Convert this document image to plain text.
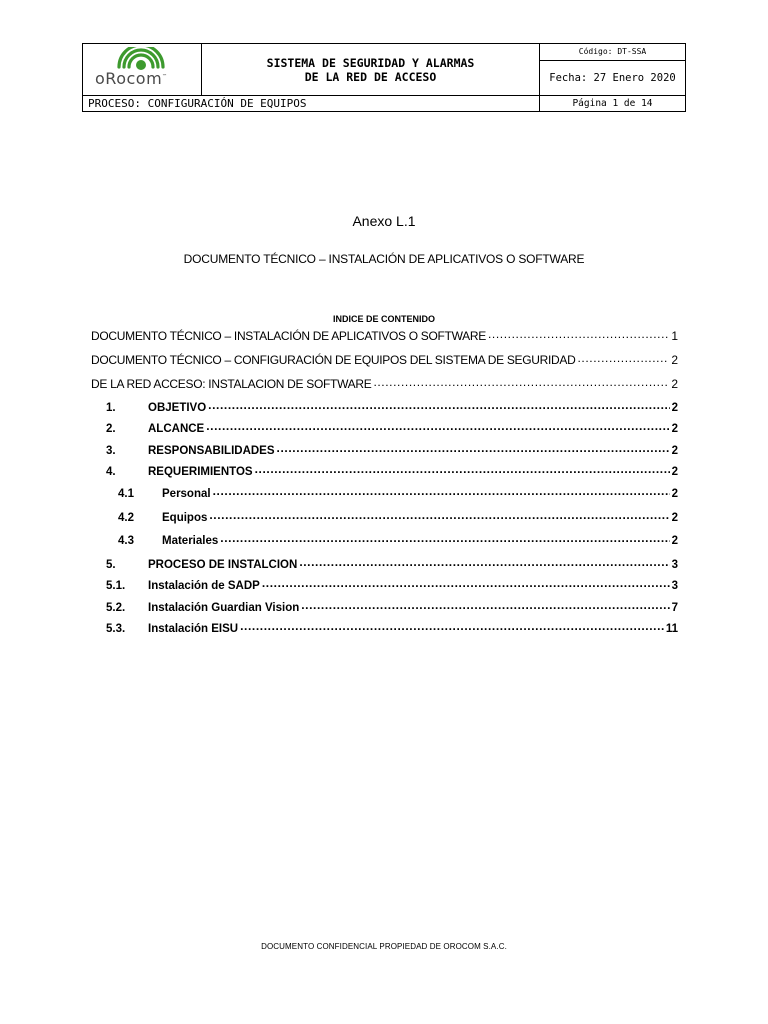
oRocom™
SISTEMA DE SEGURIDAD Y ALARMAS
DE LA RED DE ACCESO
Código: DT-SSA
Fecha: 27 Enero 2020
PROCESO: CONFIGURACIÓN DE EQUIPOS	Página 1 de 14
Anexo L.1
DOCUMENTO TÉCNICO – INSTALACIÓN DE APLICATIVOS O SOFTWARE
INDICE DE CONTENIDO
DOCUMENTO TÉCNICO – INSTALACIÓN DE APLICATIVOS O SOFTWARE .....	1
DOCUMENTO TÉCNICO – CONFIGURACIÓN DE EQUIPOS DEL SISTEMA DE SEGURIDAD .....	2
DE LA RED ACCESO: INSTALACION DE SOFTWARE .....	2
1.	OBJETIVO .....	2
2.	ALCANCE .....	2
3.	RESPONSABILIDADES .....	2
4.	REQUERIMIENTOS .....	2
4.1	Personal .....	2
4.2	Equipos .....	2
4.3	Materiales .....	2
5.	PROCESO DE INSTALCION .....	3
5.1.	Instalación de SADP .....	3
5.2.	Instalación Guardian Vision .....	7
5.3.	Instalación EISU .....	11
DOCUMENTO CONFIDENCIAL PROPIEDAD DE OROCOM S.A.C.
